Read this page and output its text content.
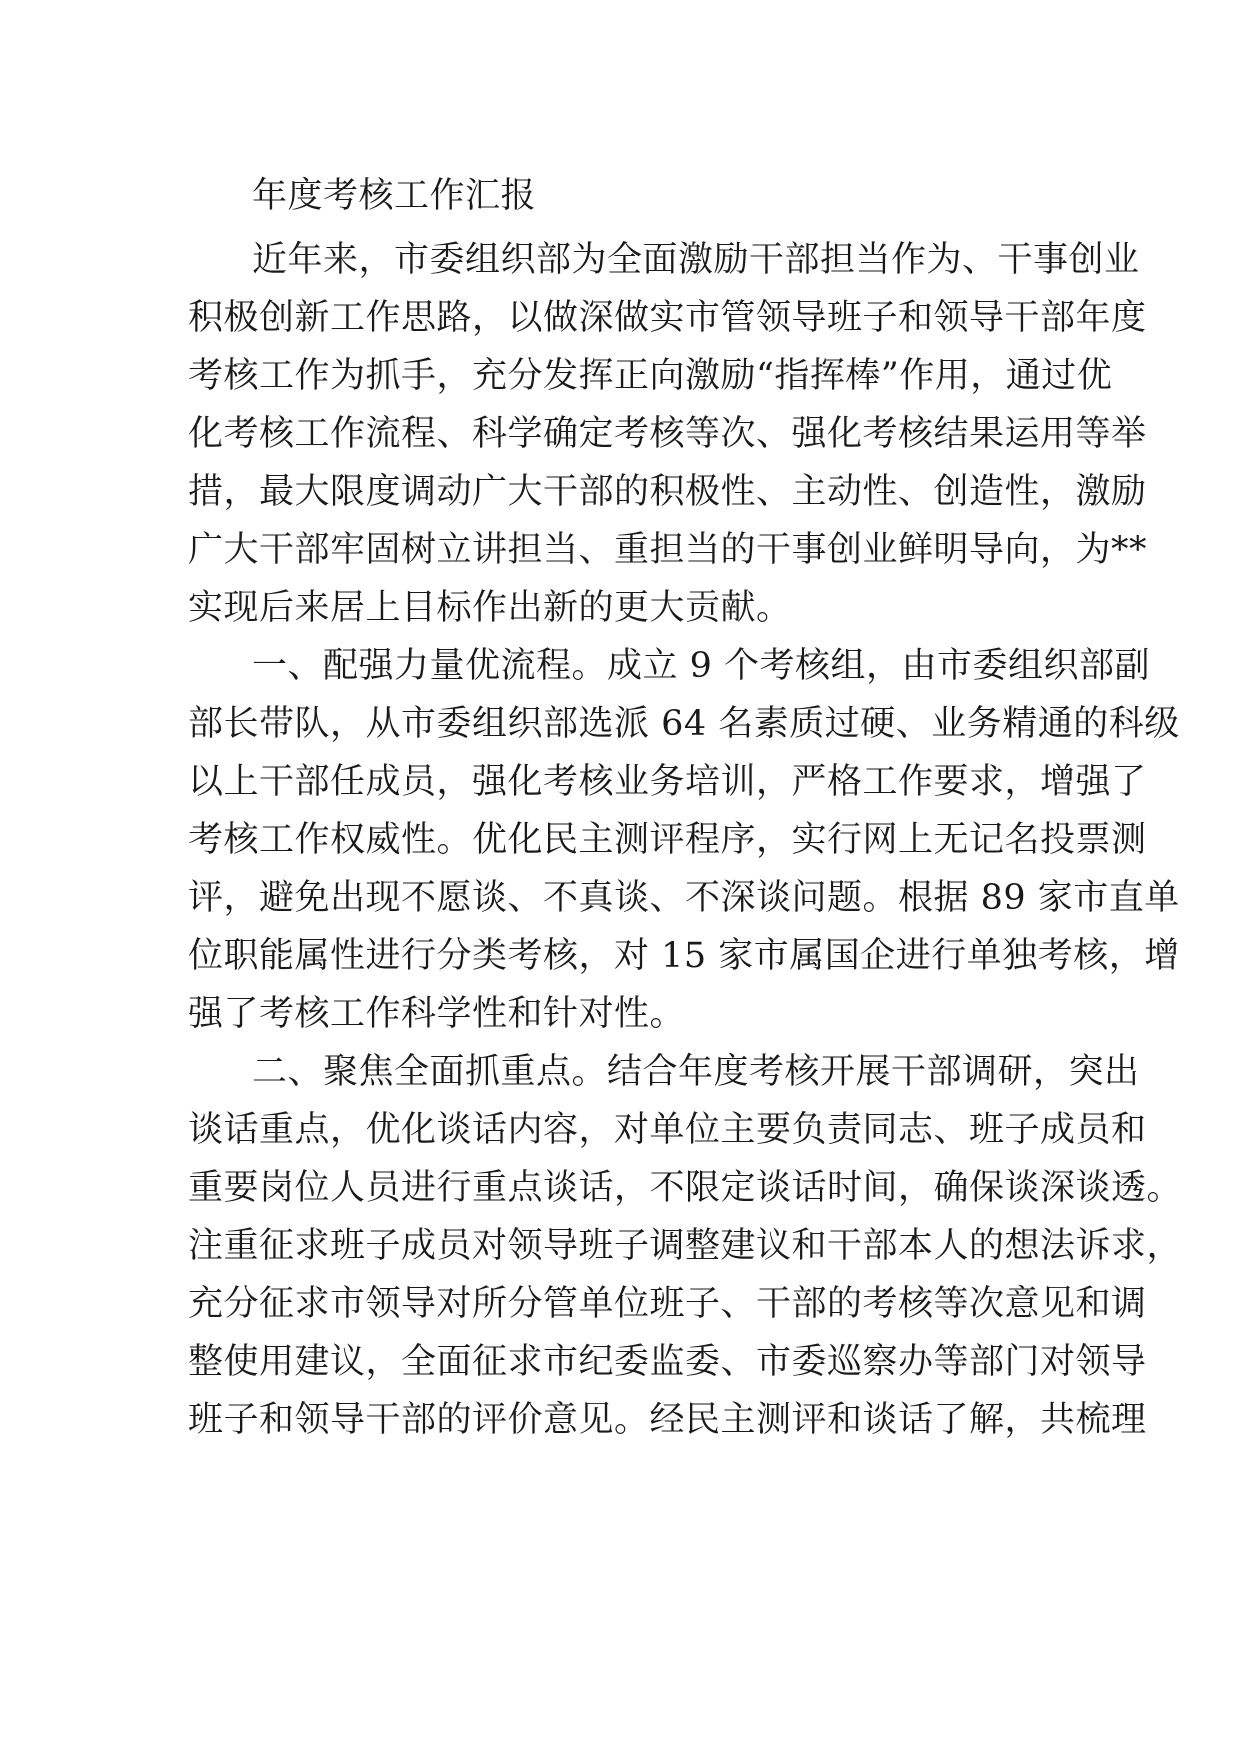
年度考核工作汇报

近年来，市委组织部为全面激励干部担当作为、干事创业

积极创新工作思路，以做深做实市管领导班子和领导干部年度

考核工作为抓手，充分发挥正向激励“指挥棒”作用，通过优

化考核工作流程、科学确定考核等次、强化考核结果运用等举

措，最大限度调动广大干部的积极性、主动性、创造性，激励

广大干部牢固树立讲担当、重担当的干事创业鲜明导向，为**

实现后来居上目标作出新的更大贡献。

一、配强力量优流程。成立 9 个考核组，由市委组织部副

部长带队，从市委组织部选派 64 名素质过硬、业务精通的科级

以上干部任成员，强化考核业务培训，严格工作要求，增强了

考核工作权威性。优化民主测评程序，实行网上无记名投票测

评，避免出现不愿谈、不真谈、不深谈问题。根据 89 家市直单

位职能属性进行分类考核，对 15 家市属国企进行单独考核，增

强了考核工作科学性和针对性。

二、聚焦全面抓重点。结合年度考核开展干部调研，突出

谈话重点，优化谈话内容，对单位主要负责同志、班子成员和

重要岗位人员进行重点谈话，不限定谈话时间，确保谈深谈透。

注重征求班子成员对领导班子调整建议和干部本人的想法诉求，

充分征求市领导对所分管单位班子、干部的考核等次意见和调

整使用建议，全面征求市纪委监委、市委巡察办等部门对领导

班子和领导干部的评价意见。经民主测评和谈话了解，共梳理
